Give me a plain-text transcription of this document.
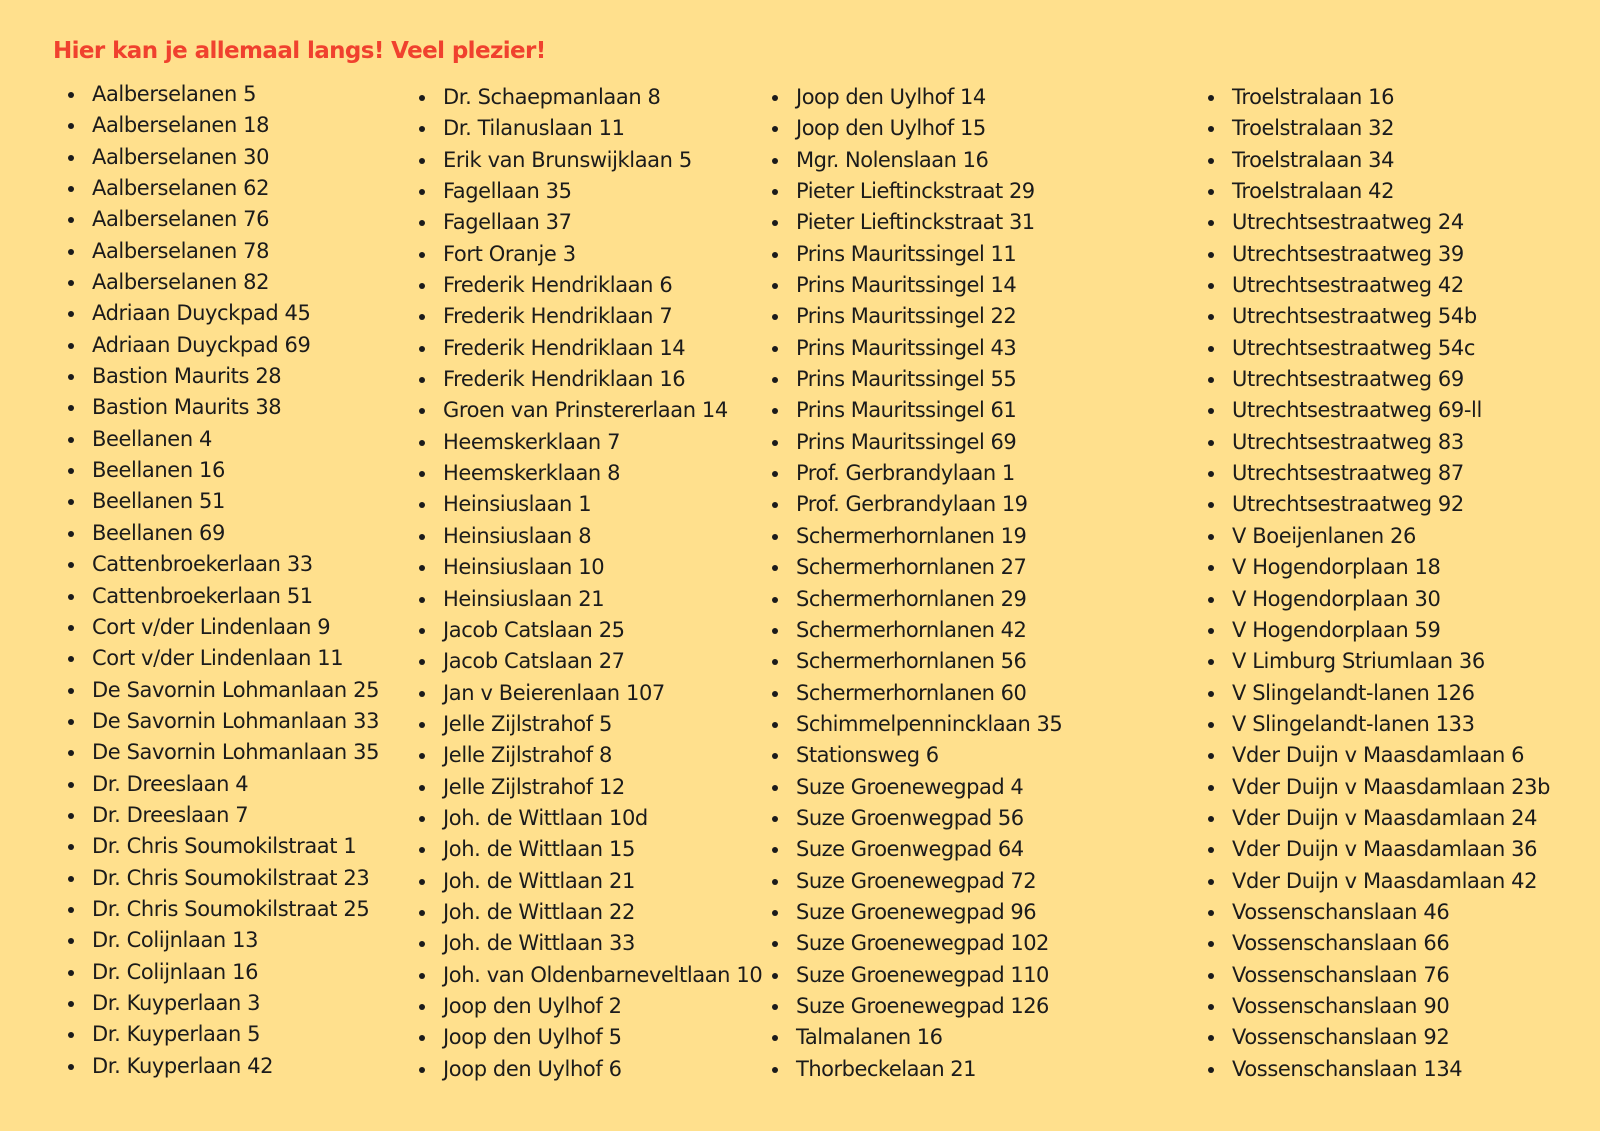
Hier kan je allemaal langs! Veel plezier!
Aalberselanen 5
Aalberselanen 18
Aalberselanen 30
Aalberselanen 62
Aalberselanen 76
Aalberselanen 78
Aalberselanen 82
Adriaan Duyckpad 45
Adriaan Duyckpad 69
Bastion Maurits 28
Bastion Maurits 38
Beellanen 4
Beellanen 16
Beellanen 51
Beellanen 69
Cattenbroekerlaan 33
Cattenbroekerlaan 51
Cort v/der Lindenlaan 9
Cort v/der Lindenlaan 11
De Savornin Lohmanlaan 25
De Savornin Lohmanlaan 33
De Savornin Lohmanlaan 35
Dr. Dreeslaan 4
Dr. Dreeslaan 7
Dr. Chris Soumokilstraat 1
Dr. Chris Soumokilstraat 23
Dr. Chris Soumokilstraat 25
Dr. Colijnlaan 13
Dr. Colijnlaan 16
Dr. Kuyperlaan 3
Dr. Kuyperlaan 5
Dr. Kuyperlaan 42
Dr. Schaepmanlaan 8
Dr. Tilanuslaan 11
Erik van Brunswijklaan 5
Fagellaan 35
Fagellaan 37
Fort Oranje 3
Frederik Hendriklaan 6
Frederik Hendriklaan 7
Frederik Hendriklaan 14
Frederik Hendriklaan 16
Groen van Prinstererlaan 14
Heemskerklaan 7
Heemskerklaan 8
Heinsiuslaan 1
Heinsiuslaan 8
Heinsiuslaan 10
Heinsiuslaan 21
Jacob Catslaan 25
Jacob Catslaan 27
Jan v Beierenlaan 107
Jelle Zijlstrahof 5
Jelle Zijlstrahof 8
Jelle Zijlstrahof 12
Joh. de Wittlaan 10d
Joh. de Wittlaan 15
Joh. de Wittlaan 21
Joh. de Wittlaan 22
Joh. de Wittlaan 33
Joh. van Oldenbarneveltlaan 10
Joop den Uylhof 2
Joop den Uylhof 5
Joop den Uylhof 6
Joop den Uylhof 14
Joop den Uylhof 15
Mgr. Nolenslaan 16
Pieter Lieftinckstraat 29
Pieter Lieftinckstraat 31
Prins Mauritssingel 11
Prins Mauritssingel 14
Prins Mauritssingel 22
Prins Mauritssingel 43
Prins Mauritssingel 55
Prins Mauritssingel 61
Prins Mauritssingel 69
Prof. Gerbrandylaan 1
Prof. Gerbrandylaan 19
Schermerhornlanen 19
Schermerhornlanen 27
Schermerhornlanen 29
Schermerhornlanen 42
Schermerhornlanen 56
Schermerhornlanen 60
Schimmelpennincklaan 35
Stationsweg 6
Suze Groenewegpad 4
Suze Groenwegpad 56
Suze Groenwegpad 64
Suze Groenewegpad 72
Suze Groenewegpad 96
Suze Groenewegpad 102
Suze Groenewegpad 110
Suze Groenewegpad 126
Talmalanen 16
Thorbeckelaan 21
Troelstralaan 16
Troelstralaan 32
Troelstralaan 34
Troelstralaan 42
Utrechtsestraatweg 24
Utrechtsestraatweg 39
Utrechtsestraatweg 42
Utrechtsestraatweg 54b
Utrechtsestraatweg 54c
Utrechtsestraatweg 69
Utrechtsestraatweg 69-ll
Utrechtsestraatweg 83
Utrechtsestraatweg 87
Utrechtsestraatweg 92
V Boeijenlanen 26
V Hogendorplaan 18
V Hogendorplaan 30
V Hogendorplaan 59
V Limburg Striumlaan 36
V Slingelandt-lanen 126
V Slingelandt-lanen 133
Vder Duijn v Maasdamlaan 6
Vder Duijn v Maasdamlaan 23b
Vder Duijn v Maasdamlaan 24
Vder Duijn v Maasdamlaan 36
Vder Duijn v Maasdamlaan 42
Vossenschanslaan 46
Vossenschanslaan 66
Vossenschanslaan 76
Vossenschanslaan 90
Vossenschanslaan 92
Vossenschanslaan 134
